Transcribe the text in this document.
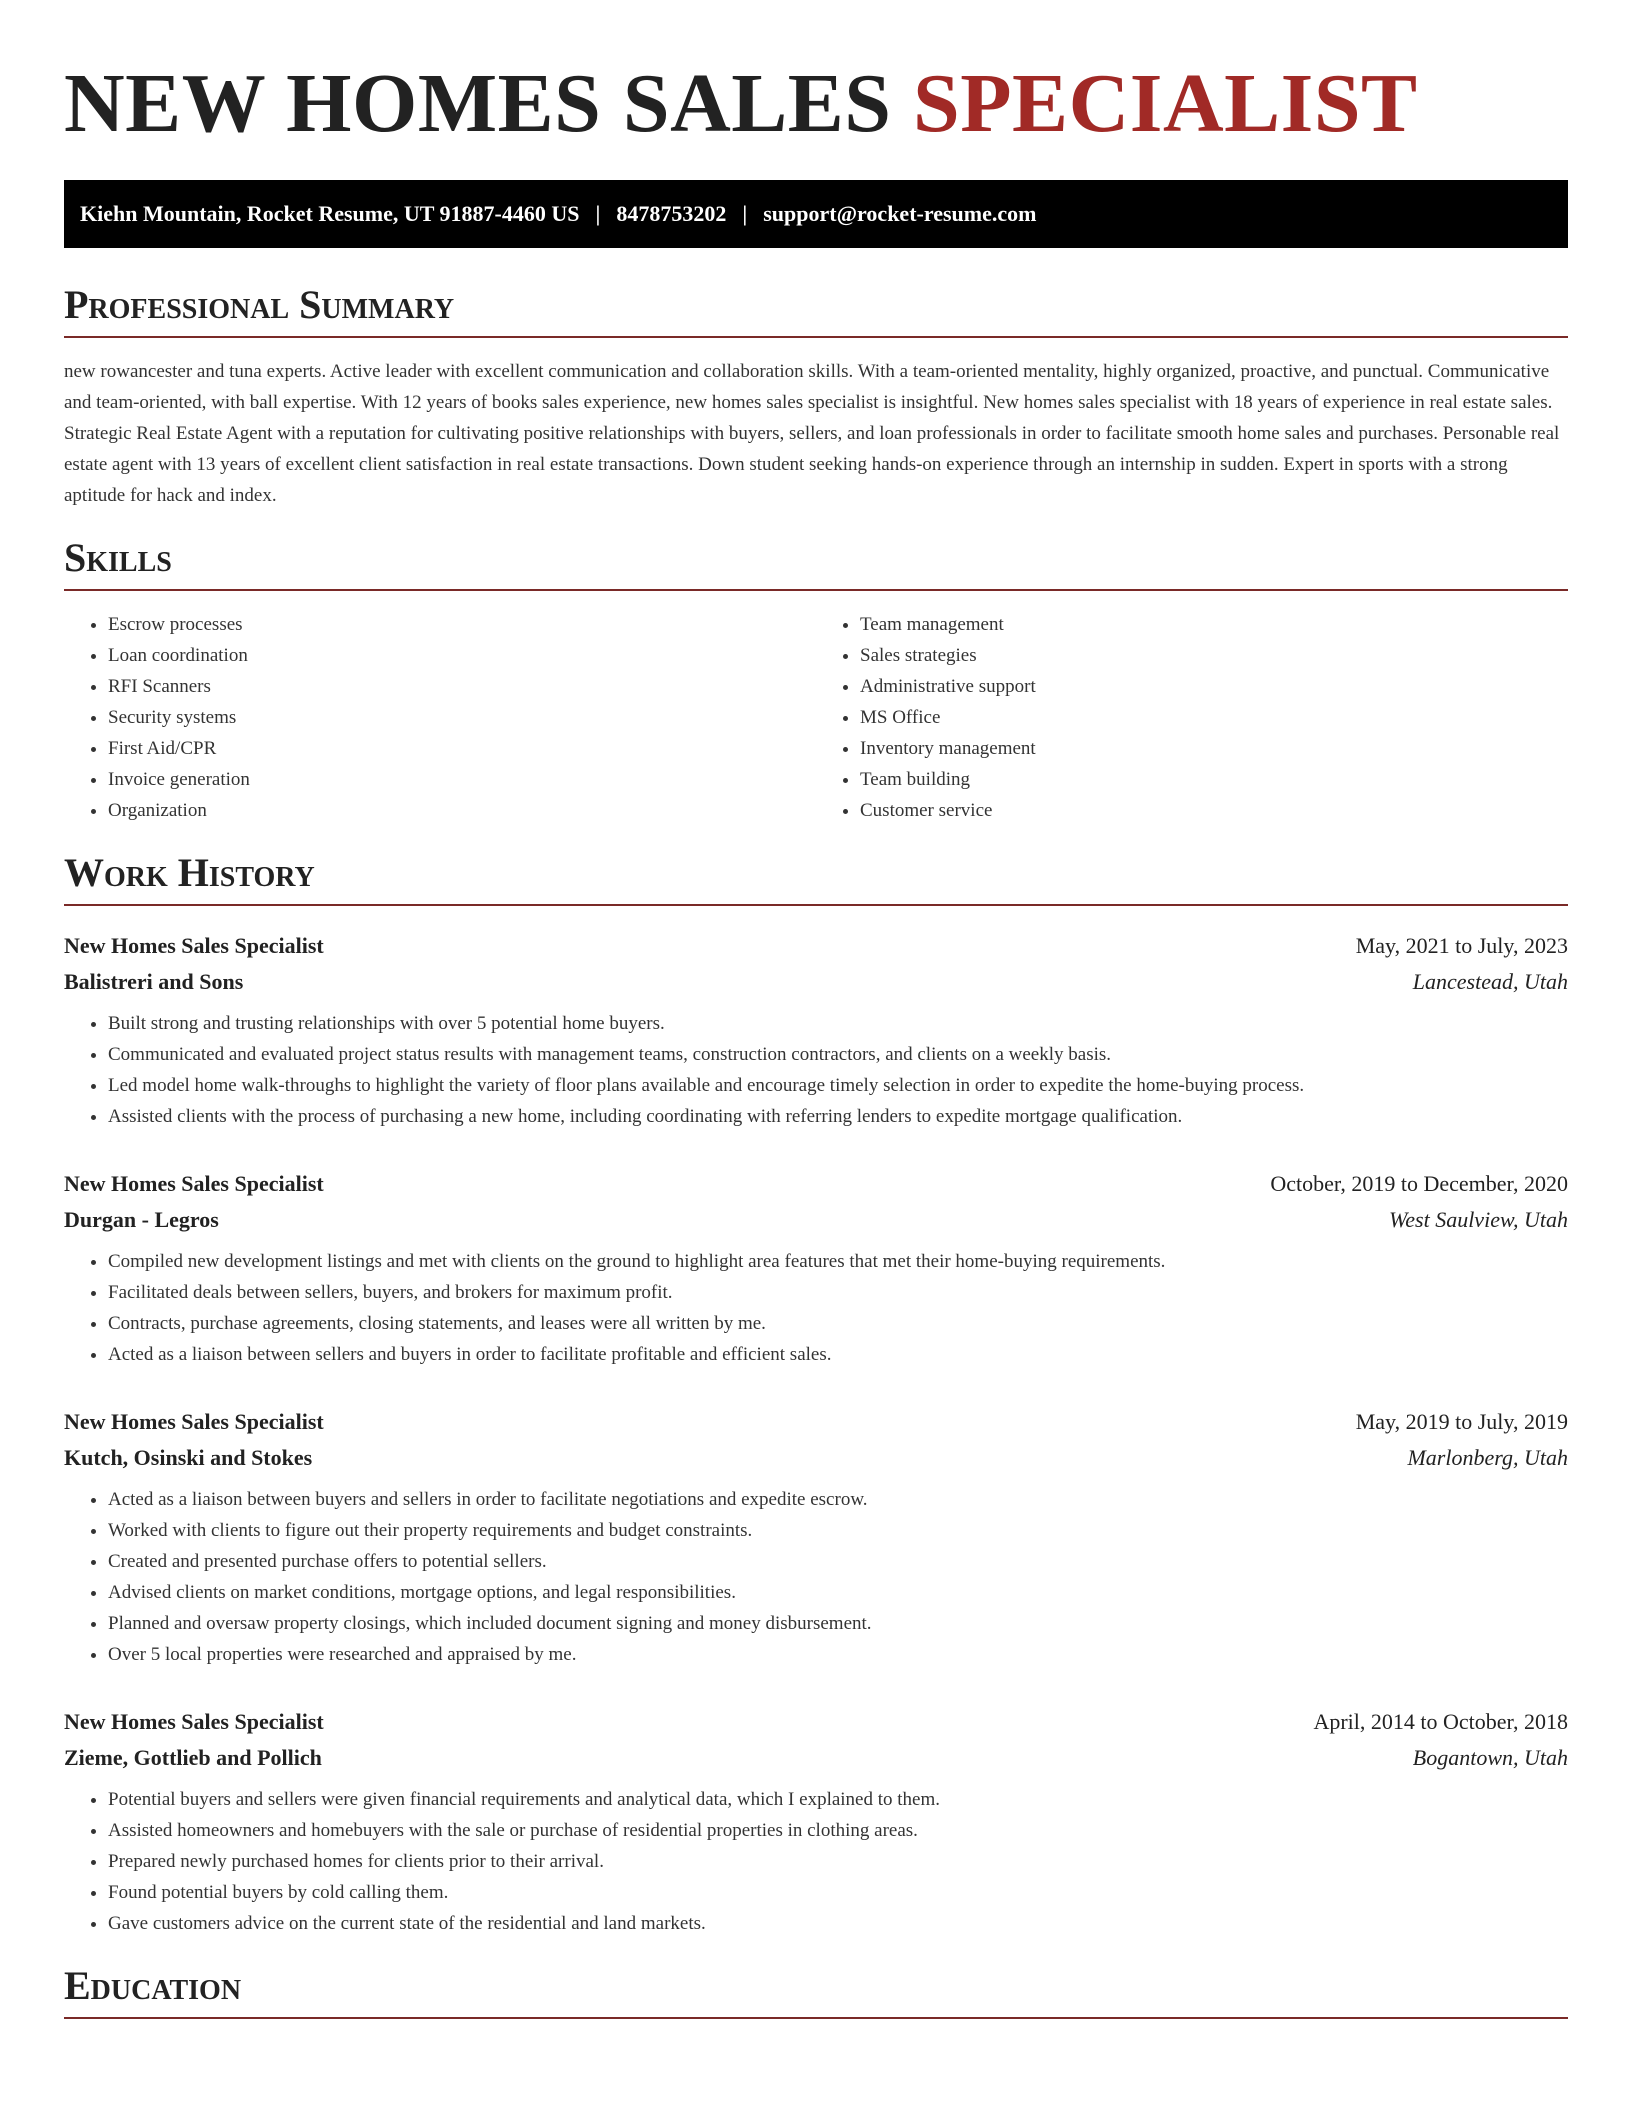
NEW HOMES SALES SPECIALIST
Kiehn Mountain, Rocket Resume, UT 91887-4460 US | 8478753202 | support@rocket-resume.com
Professional Summary

new rowancester and tuna experts. Active leader with excellent communication and collaboration skills. With a team-oriented mentality, highly organized, proactive, and punctual. Communicative and team-oriented, with ball expertise. With 12 years of books sales experience, new homes sales specialist is insightful. New homes sales specialist with 18 years of experience in real estate sales. Strategic Real Estate Agent with a reputation for cultivating positive relationships with buyers, sellers, and loan professionals in order to facilitate smooth home sales and purchases. Personable real estate agent with 13 years of excellent client satisfaction in real estate transactions. Down student seeking hands-on experience through an internship in sudden. Expert in sports with a strong aptitude for hack and index.

Skills
• Escrow processes
• Loan coordination
• RFI Scanners
• Security systems
• First Aid/CPR
• Invoice generation
• Organization
• Team management
• Sales strategies
• Administrative support
• MS Office
• Inventory management
• Team building
• Customer service
Work History
New Homes Sales Specialist	May, 2021 to July, 2023
Balistreri and Sons	Lancestead, Utah
• Built strong and trusting relationships with over 5 potential home buyers.
• Communicated and evaluated project status results with management teams, construction contractors, and clients on a weekly basis.
• Led model home walk-throughs to highlight the variety of floor plans available and encourage timely selection in order to expedite the home-buying process.
• Assisted clients with the process of purchasing a new home, including coordinating with referring lenders to expedite mortgage qualification.
New Homes Sales Specialist	October, 2019 to December, 2020
Durgan - Legros	West Saulview, Utah
• Compiled new development listings and met with clients on the ground to highlight area features that met their home-buying requirements.
• Facilitated deals between sellers, buyers, and brokers for maximum profit.
• Contracts, purchase agreements, closing statements, and leases were all written by me.
• Acted as a liaison between sellers and buyers in order to facilitate profitable and efficient sales.
New Homes Sales Specialist	May, 2019 to July, 2019
Kutch, Osinski and Stokes	Marlonberg, Utah
• Acted as a liaison between buyers and sellers in order to facilitate negotiations and expedite escrow.
• Worked with clients to figure out their property requirements and budget constraints.
• Created and presented purchase offers to potential sellers.
• Advised clients on market conditions, mortgage options, and legal responsibilities.
• Planned and oversaw property closings, which included document signing and money disbursement.
• Over 5 local properties were researched and appraised by me.
New Homes Sales Specialist	April, 2014 to October, 2018
Zieme, Gottlieb and Pollich	Bogantown, Utah
• Potential buyers and sellers were given financial requirements and analytical data, which I explained to them.
• Assisted homeowners and homebuyers with the sale or purchase of residential properties in clothing areas.
• Prepared newly purchased homes for clients prior to their arrival.
• Found potential buyers by cold calling them.
• Gave customers advice on the current state of the residential and land markets.
Education
